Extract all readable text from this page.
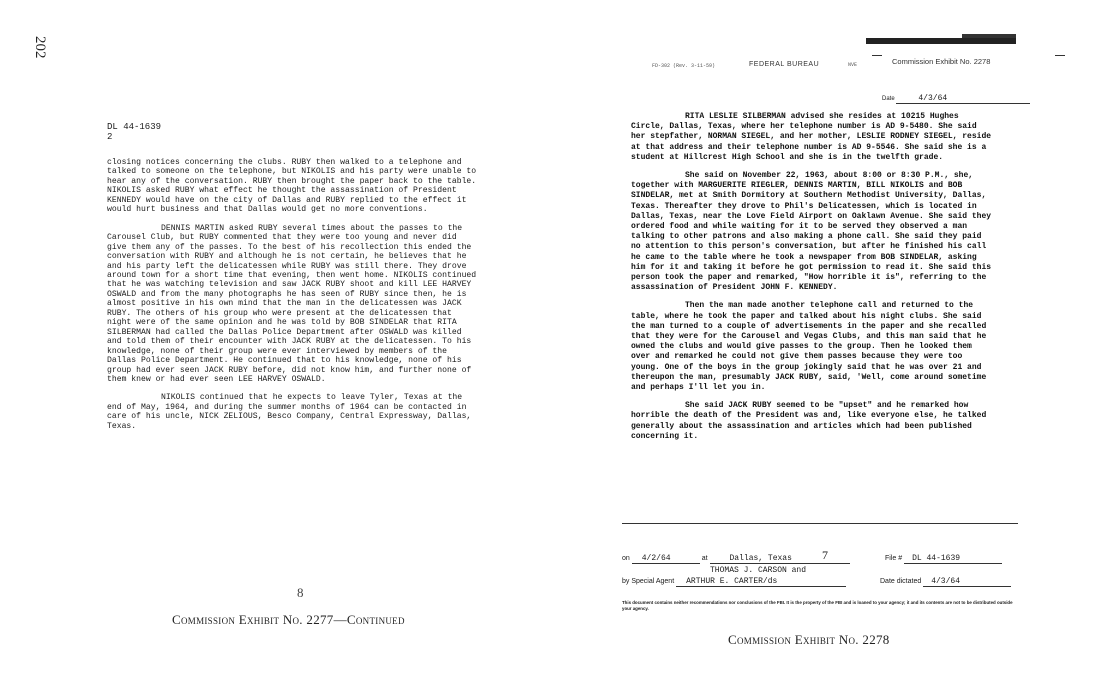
202
DL 44-1639
2

closing notices concerning the clubs. RUBY then walked to a telephone and talked to someone on the telephone, but NIKOLIS and his party were unable to hear any of the conversation. RUBY then brought the paper back to the table. NIKOLIS asked RUBY what effect he thought the assassination of President KENNEDY would have on the city of Dallas and RUBY replied to the effect it would hurt business and that Dallas would get no more conventions.

DENNIS MARTIN asked RUBY several times about the passes to the Carousel Club, but RUBY commented that they were too young and never did give them any of the passes. To the best of his recollection this ended the conversation with RUBY and although he is not certain, he believes that he and his party left the delicatessen while RUBY was still there. They drove around town for a short time that evening, then went home. NIKOLIS continued that he was watching television and saw JACK RUBY shoot and kill LEE HARVEY OSWALD and from the many photographs he has seen of RUBY since then, he is almost positive in his own mind that the man in the delicatessen was JACK RUBY. The others of his group who were present at the delicatessen that night were of the same opinion and he was told by BOB SINDELAR that RITA SILBERMAN had called the Dallas Police Department after OSWALD was killed and told them of their encounter with JACK RUBY at the delicatessen. To his knowledge, none of their group were ever interviewed by members of the Dallas Police Department. He continued that to his knowledge, none of his group had ever seen JACK RUBY before, did not know him, and further none of them knew or had ever seen LEE HARVEY OSWALD.

NIKOLIS continued that he expects to leave Tyler, Texas at the end of May, 1964, and during the summer months of 1964 can be contacted in care of his uncle, NICK ZELIOUS, Besco Company, Central Expressway, Dallas, Texas.

8
Commission Exhibit No. 2277—Continued
FD-302 (Rev. 3-11-59)	FEDERAL BUREAU	NVE	Commission Exhibit No. 2278
Date	4/3/64

RITA LESLIE SILBERMAN advised she resides at 10215 Hughes Circle, Dallas, Texas, where her telephone number is AD 9-5480. She said her stepfather, NORMAN SIEGEL, and her mother, LESLIE RODNEY SIEGEL, reside at that address and their telephone number is AD 9-5546. She said she is a student at Hillcrest High School and she is in the twelfth grade.

She said on November 22, 1963, about 8:00 or 8:30 P.M., she, together with MARGUERITE RIEGLER, DENNIS MARTIN, BILL NIKOLIS and BOB SINDELAR, met at Smith Dormitory at Southern Methodist University, Dallas, Texas. Thereafter they drove to Phil's Delicatessen, which is located in Dallas, Texas, near the Love Field Airport on Oaklawn Avenue. She said they ordered food and while waiting for it to be served they observed a man talking to other patrons and also making a phone call. She said they paid no attention to this person's conversation, but after he finished his call he came to the table where he took a newspaper from BOB SINDELAR, asking him for it and taking it before he got permission to read it. She said this person took the paper and remarked, "How horrible it is", referring to the assassination of President JOHN F. KENNEDY.

Then the man made another telephone call and returned to the table, where he took the paper and talked about his night clubs. She said the man turned to a couple of advertisements in the paper and she recalled that they were for the Carousel and Vegas Clubs, and this man said that he owned the clubs and would give passes to the group. Then he looked them over and remarked he could not give them passes because they were too young. One of the boys in the group jokingly said that he was over 21 and thereupon the man, presumably JACK RUBY, said, 'Well, come around sometime and perhaps I'll let you in.

She said JACK RUBY seemed to be "upset" and he remarked how horrible the death of the President was and, like everyone else, he talked generally about the assassination and articles which had been published concerning it.

on 4/2/64	at	Dallas, Texas	7	File # DL 44-1639
THOMAS J. CARSON and
by Special Agent ARTHUR E. CARTER/ds	Date dictated 4/3/64
This document contains neither recommendations nor conclusions of the FBI. It is the property of the FBI and is loaned to your agency; it and its contents are not to be distributed outside your agency.
Commission Exhibit No. 2278
